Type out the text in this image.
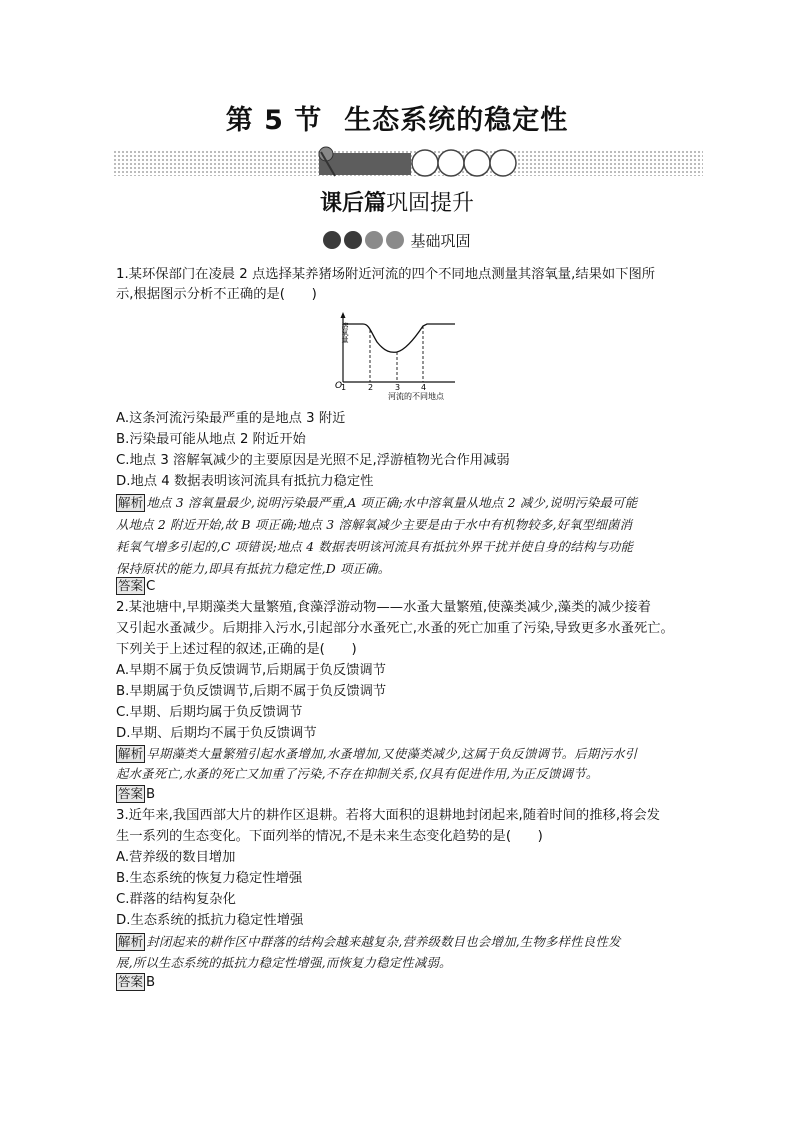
第 5 节 生态系统的稳定性
课后篇巩固提升
基础巩固
1.某环保部门在凌晨 2 点选择某养猪场附近河流的四个不同地点测量其溶氧量,结果如下图所
示,根据图示分析不正确的是(　　)
溶氧量
O
1	2	3	4
河流的不同地点
A.这条河流污染最严重的是地点 3 附近
B.污染最可能从地点 2 附近开始
C.地点 3 溶解氧减少的主要原因是光照不足,浮游植物光合作用减弱
D.地点 4 数据表明该河流具有抵抗力稳定性
解析 地点 3 溶氧量最少,说明污染最严重,A 项正确;水中溶氧量从地点 2 减少,说明污染最可能
从地点 2 附近开始,故 B 项正确;地点 3 溶解氧减少主要是由于水中有机物较多,好氧型细菌消
耗氧气增多引起的,C 项错误;地点 4 数据表明该河流具有抵抗外界干扰并使自身的结构与功能
保持原状的能力,即具有抵抗力稳定性,D 项正确。
答案 C
2.某池塘中,早期藻类大量繁殖,食藻浮游动物——水蚤大量繁殖,使藻类减少,藻类的减少接着
又引起水蚤减少。后期排入污水,引起部分水蚤死亡,水蚤的死亡加重了污染,导致更多水蚤死亡。
下列关于上述过程的叙述,正确的是(　　)
A.早期不属于负反馈调节,后期属于负反馈调节
B.早期属于负反馈调节,后期不属于负反馈调节
C.早期、后期均属于负反馈调节
D.早期、后期均不属于负反馈调节
解析 早期藻类大量繁殖引起水蚤增加,水蚤增加,又使藻类减少,这属于负反馈调节。后期污水引
起水蚤死亡,水蚤的死亡又加重了污染,不存在抑制关系,仅具有促进作用,为正反馈调节。
答案 B
3.近年来,我国西部大片的耕作区退耕。若将大面积的退耕地封闭起来,随着时间的推移,将会发
生一系列的生态变化。下面列举的情况,不是未来生态变化趋势的是(　　)
A.营养级的数目增加
B.生态系统的恢复力稳定性增强
C.群落的结构复杂化
D.生态系统的抵抗力稳定性增强
解析 封闭起来的耕作区中群落的结构会越来越复杂,营养级数目也会增加,生物多样性良性发
展,所以生态系统的抵抗力稳定性增强,而恢复力稳定性减弱。
答案 B
